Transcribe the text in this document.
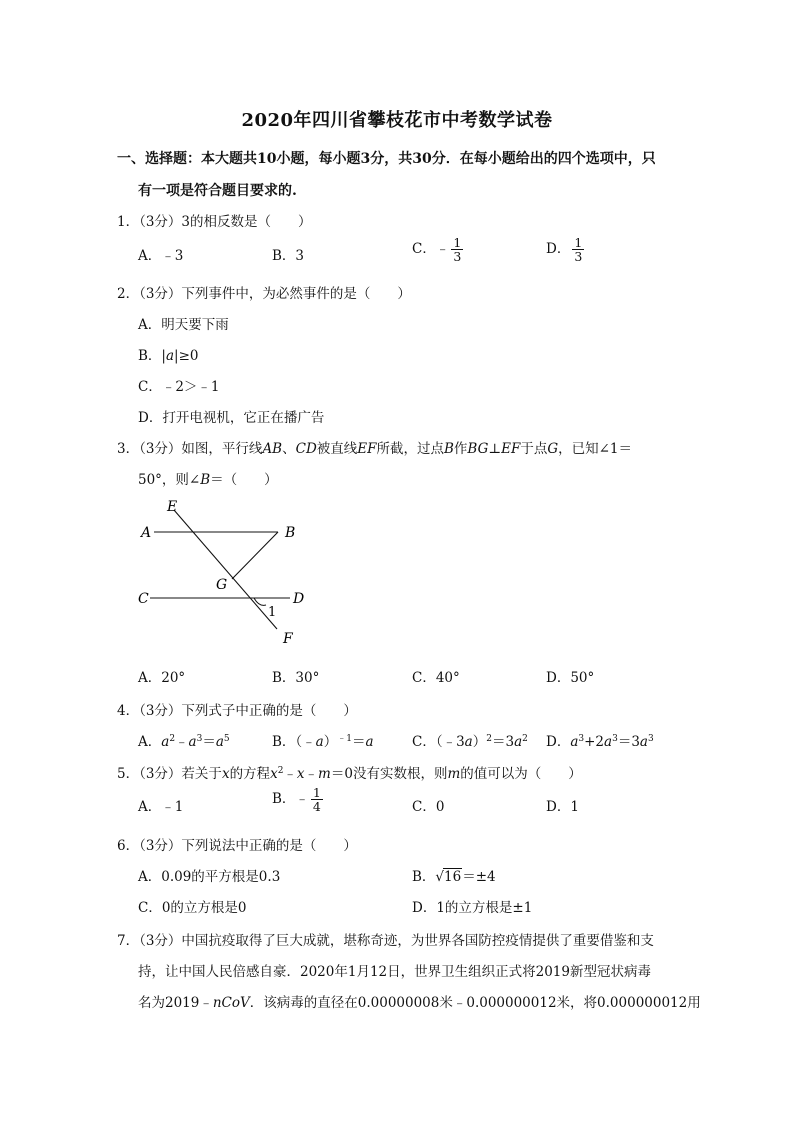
2020年四川省攀枝花市中考数学试卷
一、选择题：本大题共10小题，每小题3分，共30分．在每小题给出的四个选项中，只
有一项是符合题目要求的.
1．（3分）3的相反数是（　　）
A．﹣3	B．3	C．﹣ $\frac{1}{3}$	D． $\frac{1}{3}$
2．（3分）下列事件中，为必然事件的是（　　）
A．明天要下雨
B．|a|≥0
C．﹣2＞﹣1
D．打开电视机，它正在播广告
3．（3分）如图，平行线AB、CD被直线EF所截，过点B作BG⊥EF于点G，已知∠1＝
50°，则∠B＝（　　）
E
A	B
G
C	D
1
F
A．20°	B．30°	C．40°	D．50°
4．（3分）下列式子中正确的是（　　）
A．$a^2﹣a^3=a^5$	B．（﹣a）$^{﹣1}$＝a	C．$(﹣3a)^2=3a^2$ D．$a^3+2a^3=3a^3$
5．（3分）若关于x的方程$x^2﹣x﹣m=0$没有实数根，则m的值可以为（　　）
A．﹣1	B．﹣ $\frac{1}{4}$	C．0	D．1
6．（3分）下列说法中正确的是（　　）
A．0.09的平方根是0.3	B．√16＝±4
C．0的立方根是0	D．1的立方根是±1
7．（3分）中国抗疫取得了巨大成就，堪称奇迹，为世界各国防控疫情提供了重要借鉴和支
持，让中国人民倍感自豪．2020年1月12日，世界卫生组织正式将2019新型冠状病毒
名为2019﹣nCoV．该病毒的直径在0.00000008米﹣0.000000012米，将0.000000012用
